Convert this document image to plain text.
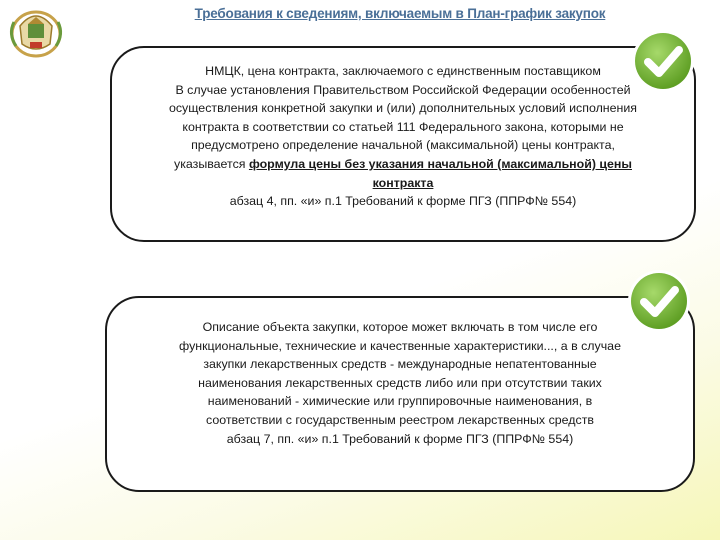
Требования к сведениям, включаемым в План-график закупок
НМЦК, цена контракта, заключаемого с единственным поставщиком
В случае установления Правительством Российской Федерации особенностей
осуществления конкретной закупки и (или) дополнительных условий исполнения
контракта в соответствии со статьей 111 Федерального закона, которыми не
предусмотрено определение начальной (максимальной) цены контракта,
указывается формула цены без указания начальной (максимальной) цены
контракта
абзац 4, пп. «и» п.1 Требований к форме ПГЗ (ППРФ№ 554)
Описание объекта закупки, которое может включать в том числе его
функциональные, технические и качественные характеристики..., а в случае
закупки лекарственных средств - международные непатентованные
наименования лекарственных средств либо или при отсутствии таких
наименований - химические или группировочные наименования, в
соответствии с государственным реестром лекарственных средств
абзац 7, пп. «и» п.1 Требований к форме ПГЗ (ППРФ№ 554)
